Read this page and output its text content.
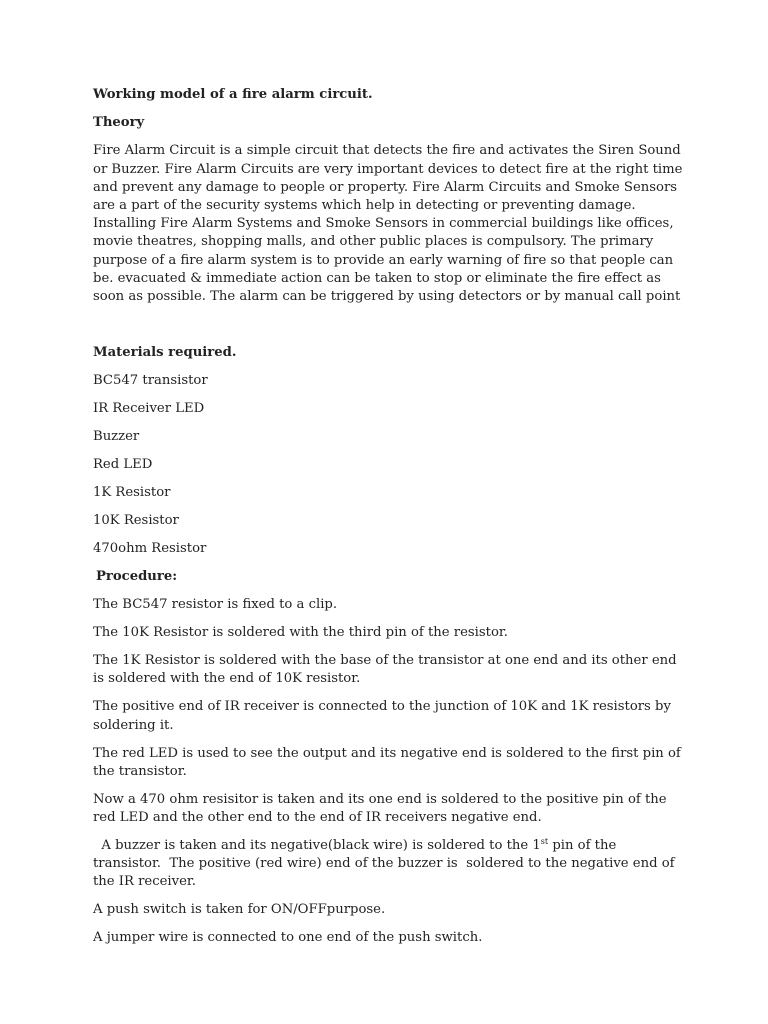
Working model of a fire alarm circuit.

Theory

Fire Alarm Circuit is a simple circuit that detects the fire and activates the Siren Sound or Buzzer. Fire Alarm Circuits are very important devices to detect fire at the right time and prevent any damage to people or property. Fire Alarm Circuits and Smoke Sensors are a part of the security systems which help in detecting or preventing damage. Installing Fire Alarm Systems and Smoke Sensors in commercial buildings like offices, movie theatres, shopping malls, and other public places is compulsory. The primary purpose of a fire alarm system is to provide an early warning of fire so that people can be. evacuated & immediate action can be taken to stop or eliminate the fire effect as soon as possible. The alarm can be triggered by using detectors or by manual call point

Materials required.

BC547 transistor

IR Receiver LED

Buzzer

Red LED

1K Resistor

10K Resistor

470ohm Resistor

Procedure:

The BC547 resistor is fixed to a clip.

The 10K Resistor is soldered with the third pin of the resistor.

The 1K Resistor is soldered with the base of the transistor at one end and its other end is soldered with the end of 10K resistor.

The positive end of IR receiver is connected to the junction of 10K and 1K resistors by soldering it.

The red LED is used to see the output and its negative end is soldered to the first pin of the transistor.

Now a 470 ohm resisitor is taken and its one end is soldered to the positive pin of the red LED and the other end to the end of IR receivers negative end.

A buzzer is taken and its negative(black wire) is soldered to the 1st pin of the transistor.  The positive (red wire) end of the buzzer is  soldered to the negative end of the IR receiver.

A push switch is taken for ON/OFFpurpose.

A jumper wire is connected to one end of the push switch.
